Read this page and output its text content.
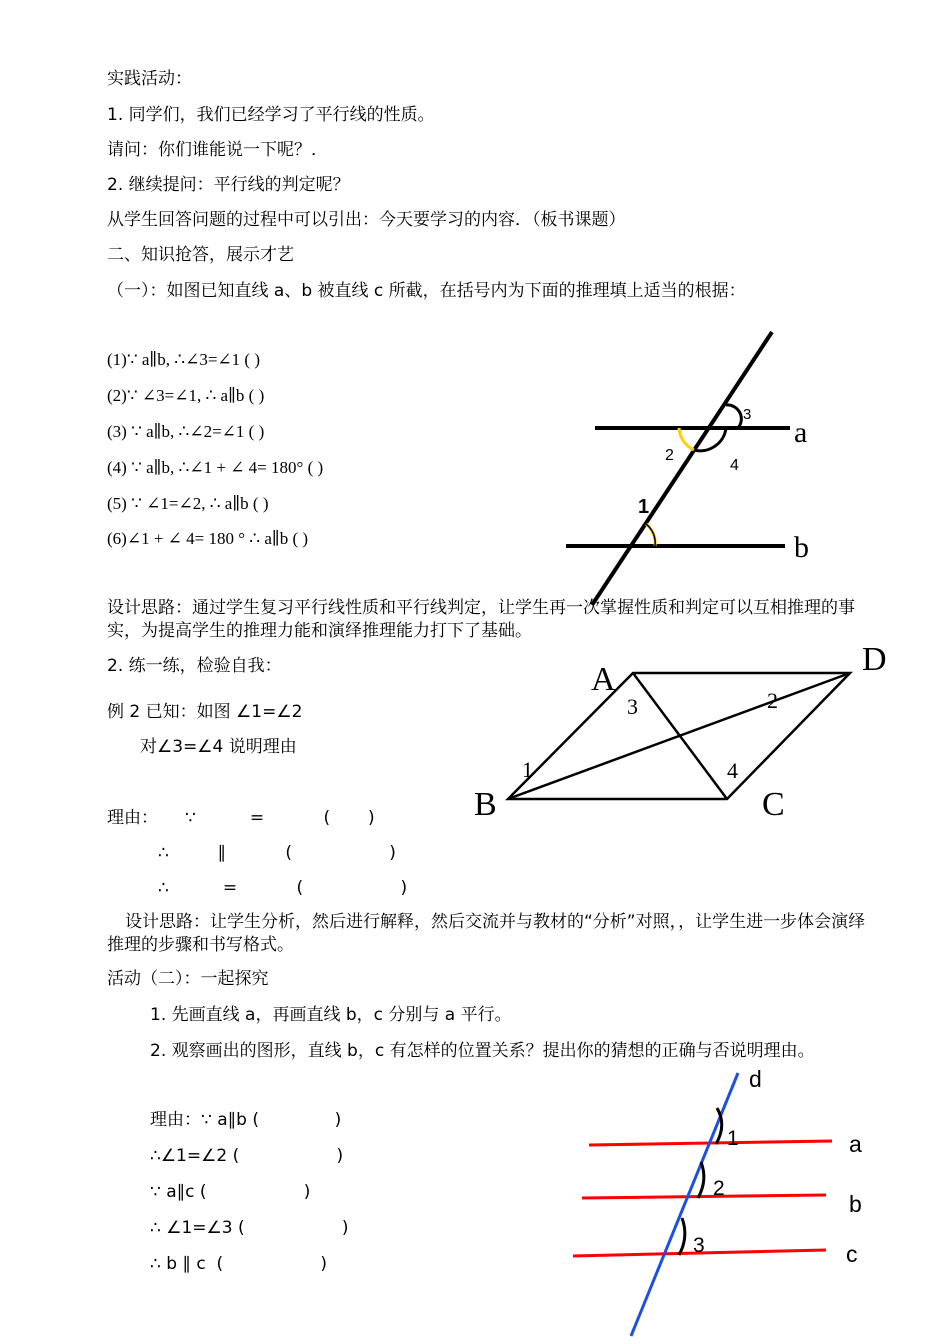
实践活动：
1. 同学们，我们已经学习了平行线的性质。
请问：你们谁能说一下呢？．
2. 继续提问：平行线的判定呢？
从学生回答问题的过程中可以引出：今天要学习的内容．（板书课题）
二、知识抢答，展示才艺
（一）：如图已知直线 a、b 被直线 c 所截，在括号内为下面的推理填上适当的根据：
(1)∵ a∥b, ∴∠3=∠1 ( )
(2)∵ ∠3=∠1, ∴ a∥b ( )
(3) ∵ a∥b, ∴∠2=∠1 ( )
(4) ∵ a∥b, ∴∠1 + ∠ 4= 180° ( )
(5) ∵ ∠1=∠2, ∴ a∥b ( )
(6)∠1 + ∠ 4= 180 ° ∴ a∥b ( )
a
b
3
2
4
1
设计思路：通过学生复习平行线性质和平行线判定，让学生再一次掌握性质和判定可以互相推理的事实，为提高学生的推理力能和演绎推理能力打下了基础。
2. 练一练，检验自我：
例 2 已知：如图 ∠1=∠2
对∠3=∠4 说明理由
理由：     ∵          =           (       )
∴         ∥           (                  )
∴          =           (                  )
A
D
B	C
3	2
1	4
设计思路：让学生分析，然后进行解释，然后交流并与教材的“分析”对照，，让学生进一步体会演绎推理的步骤和书写格式。
活动（二）：一起探究
1. 先画直线 a，再画直线 b，c 分别与 a 平行。
2. 观察画出的图形，直线 b，c 有怎样的位置关系？提出你的猜想的正确与否说明理由。
理由：∵ a∥b (              )
∴∠1=∠2 (                  )
∵ a∥c (                  )
∴ ∠1=∠3 (                  )
∴ b ∥ c  (                  )
d
a
b
c
1
2
3
